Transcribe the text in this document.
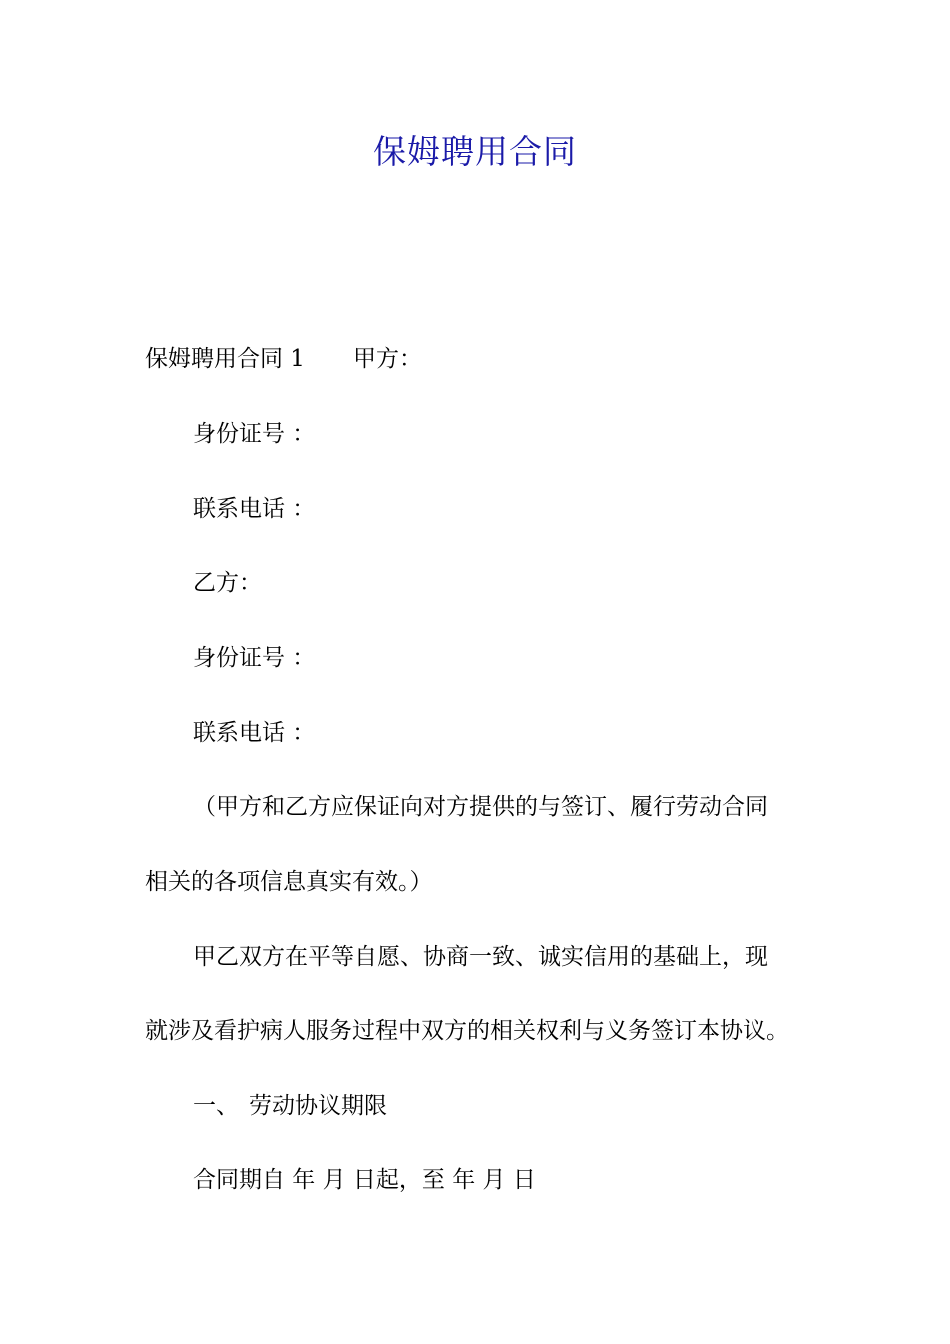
保姆聘用合同
保姆聘用合同 1 甲方：
身份证号 ：
联系电话 ：
乙方：
身份证号 ：
联系电话 ：
（甲方和乙方应保证向对方提供的与签订、履行劳动合同
相关的各项信息真实有效。）
甲乙双方在平等自愿、协商一致、诚实信用的基础上，现
就涉及看护病人服务过程中双方的相关权利与义务签订本协议。
一、 劳动协议期限
合同期自 年 月 日起，至 年 月 日
